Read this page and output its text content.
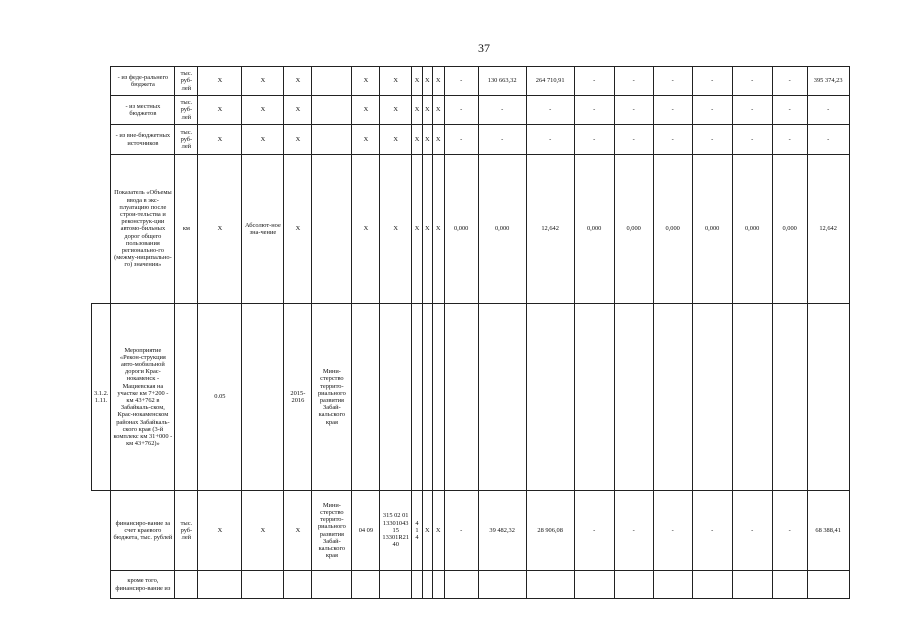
37
	- из феде-ральнего бюджета	тыс. руб-лей	Х	Х	Х		Х	Х	Х	Х	Х	-	130 663,32	264 710,91	-	-	-	-	-	-	395 374,23
	- из местных бюджетов	тыс. руб-лей	Х	Х	Х		Х	Х	Х	Х	Х	-	-	-	-	-	-	-	-	-	-
	- из вне-бюджетных источников	тыс. руб-лей	Х	Х	Х		Х	Х	Х	Х	Х	-	-	-	-	-	-	-	-	-	-
	Показатель «Объемы ввода в экс-плуатацию после строи-тельства и реконструк-ции автомо-бильных дорог общего пользования регионально-го (межму-ниципально-го) значения»	км	Х	Абсолют-ное зна-чение	Х		Х	Х	Х	Х	Х	0,000	0,000	12,642	0,000	0,000	0,000	0,000	0,000	0,000	12,642
3.1.2. 1.11.	Мероприятие «Рекон-струкция авто-мобильной дороги Крас-нокаменск - Мациевская на участке км 7+200 - км 43+762 в Забайкаль-ском, Крас-нокаменском районах Забайкаль-ского края (3-й комплекс км 31+000 - км 43+762)»		0.05		2015- 2016	Мини-стерство террито-риального развития Забай-кальского края															
	финансиро-вание за счет краевого бюджета, тыс. рублей	тыс. руб-лей	Х	Х	Х	Мини-стерство террито-риального развития Забай-кальского края	04 09	315 02 01 13301043 15 13301R21 40	4 1 4	Х	Х	-	39 482,32	28 906,08	-	-	-	-	-	-	68 388,41
	кроме того, финансиро-вание из																				
